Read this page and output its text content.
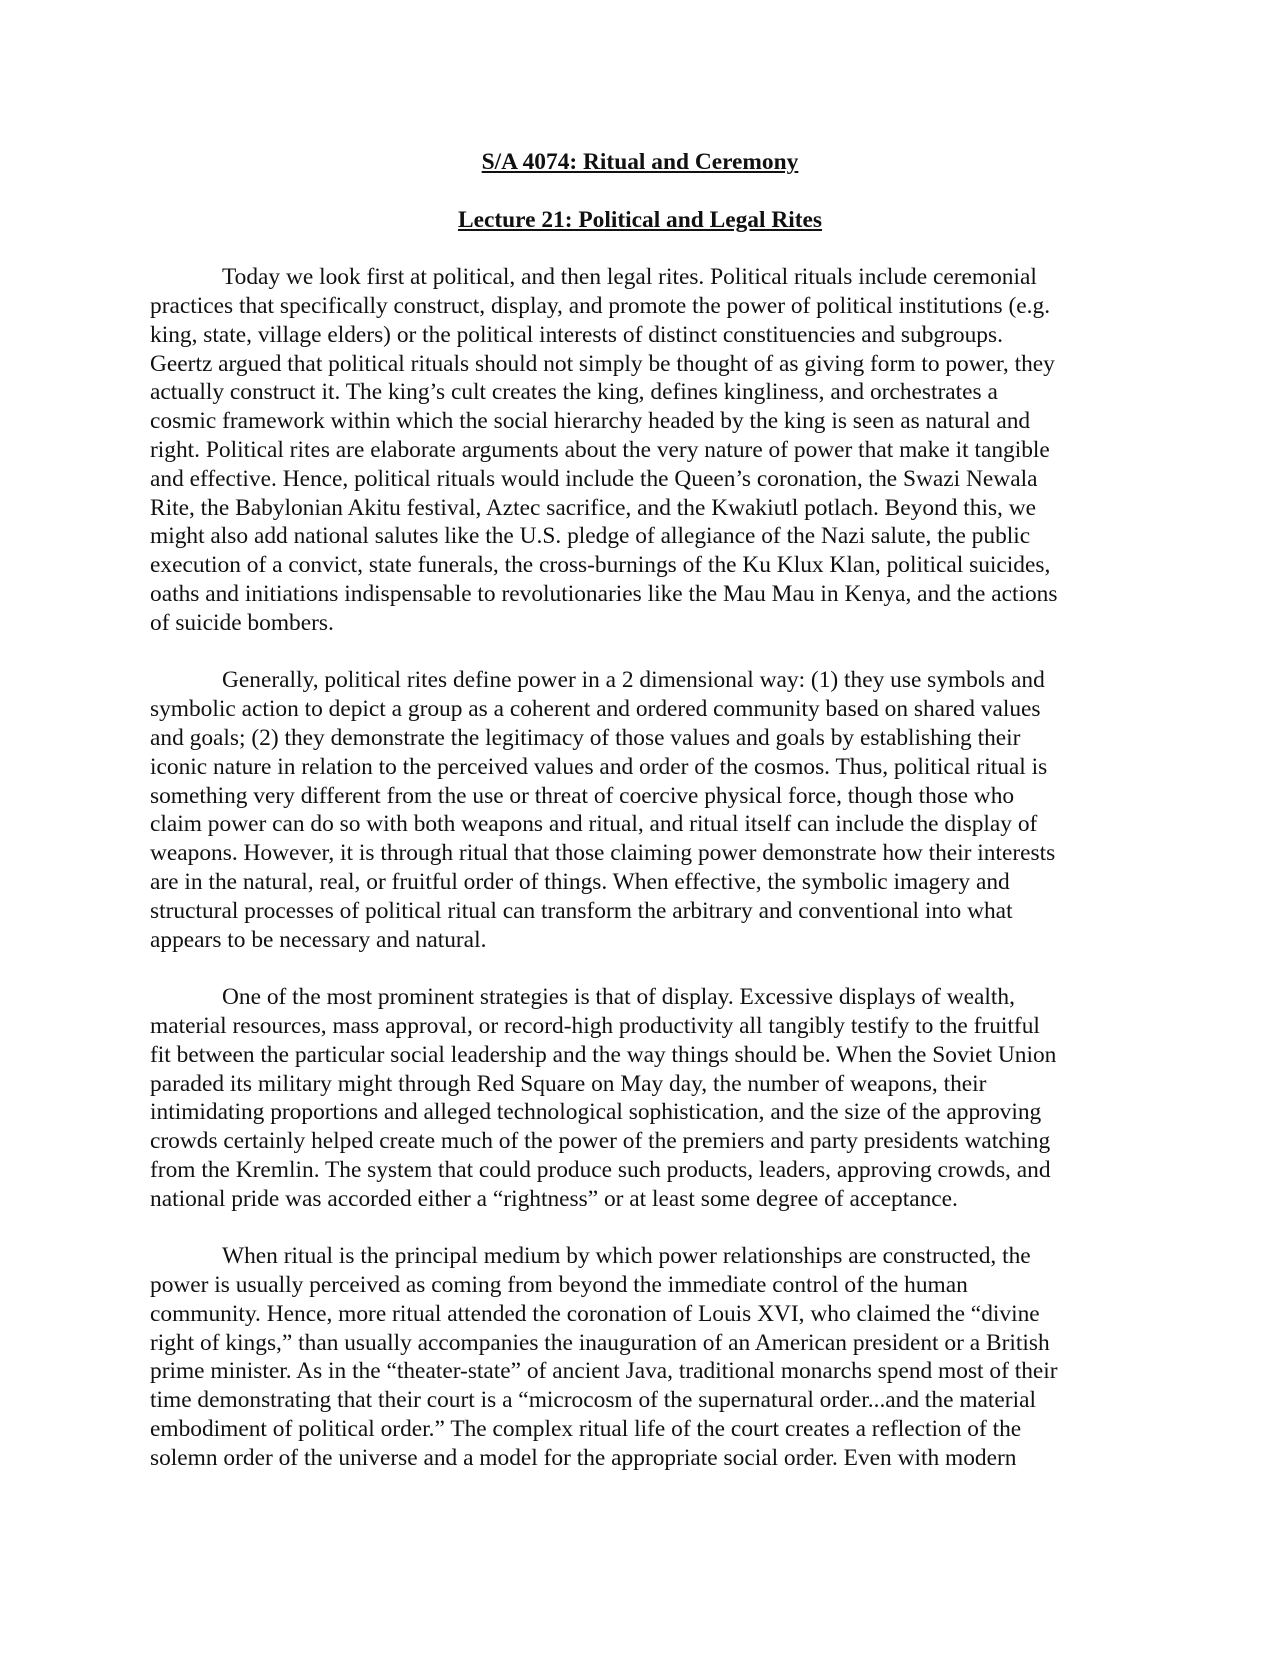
S/A 4074: Ritual and Ceremony

Lecture 21: Political and Legal Rites

Today we look first at political, and then legal rites. Political rituals include ceremonial
practices that specifically construct, display, and promote the power of political institutions (e.g.
king, state, village elders) or the political interests of distinct constituencies and subgroups.
Geertz argued that political rituals should not simply be thought of as giving form to power, they
actually construct it. The king’s cult creates the king, defines kingliness, and orchestrates a
cosmic framework within which the social hierarchy headed by the king is seen as natural and
right. Political rites are elaborate arguments about the very nature of power that make it tangible
and effective. Hence, political rituals would include the Queen’s coronation, the Swazi Newala
Rite, the Babylonian Akitu festival, Aztec sacrifice, and the Kwakiutl potlach. Beyond this, we
might also add national salutes like the U.S. pledge of allegiance of the Nazi salute, the public
execution of a convict, state funerals, the cross-burnings of the Ku Klux Klan, political suicides,
oaths and initiations indispensable to revolutionaries like the Mau Mau in Kenya, and the actions
of suicide bombers.
Generally, political rites define power in a 2 dimensional way: (1) they use symbols and
symbolic action to depict a group as a coherent and ordered community based on shared values
and goals; (2) they demonstrate the legitimacy of those values and goals by establishing their
iconic nature in relation to the perceived values and order of the cosmos. Thus, political ritual is
something very different from the use or threat of coercive physical force, though those who
claim power can do so with both weapons and ritual, and ritual itself can include the display of
weapons. However, it is through ritual that those claiming power demonstrate how their interests
are in the natural, real, or fruitful order of things. When effective, the symbolic imagery and
structural processes of political ritual can transform the arbitrary and conventional into what
appears to be necessary and natural.
One of the most prominent strategies is that of display. Excessive displays of wealth,
material resources, mass approval, or record-high productivity all tangibly testify to the fruitful
fit between the particular social leadership and the way things should be. When the Soviet Union
paraded its military might through Red Square on May day, the number of weapons, their
intimidating proportions and alleged technological sophistication, and the size of the approving
crowds certainly helped create much of the power of the premiers and party presidents watching
from the Kremlin. The system that could produce such products, leaders, approving crowds, and
national pride was accorded either a “rightness” or at least some degree of acceptance.
When ritual is the principal medium by which power relationships are constructed, the
power is usually perceived as coming from beyond the immediate control of the human
community. Hence, more ritual attended the coronation of Louis XVI, who claimed the “divine
right of kings,” than usually accompanies the inauguration of an American president or a British
prime minister. As in the “theater-state” of ancient Java, traditional monarchs spend most of their
time demonstrating that their court is a “microcosm of the supernatural order...and the material
embodiment of political order.” The complex ritual life of the court creates a reflection of the
solemn order of the universe and a model for the appropriate social order. Even with modern
